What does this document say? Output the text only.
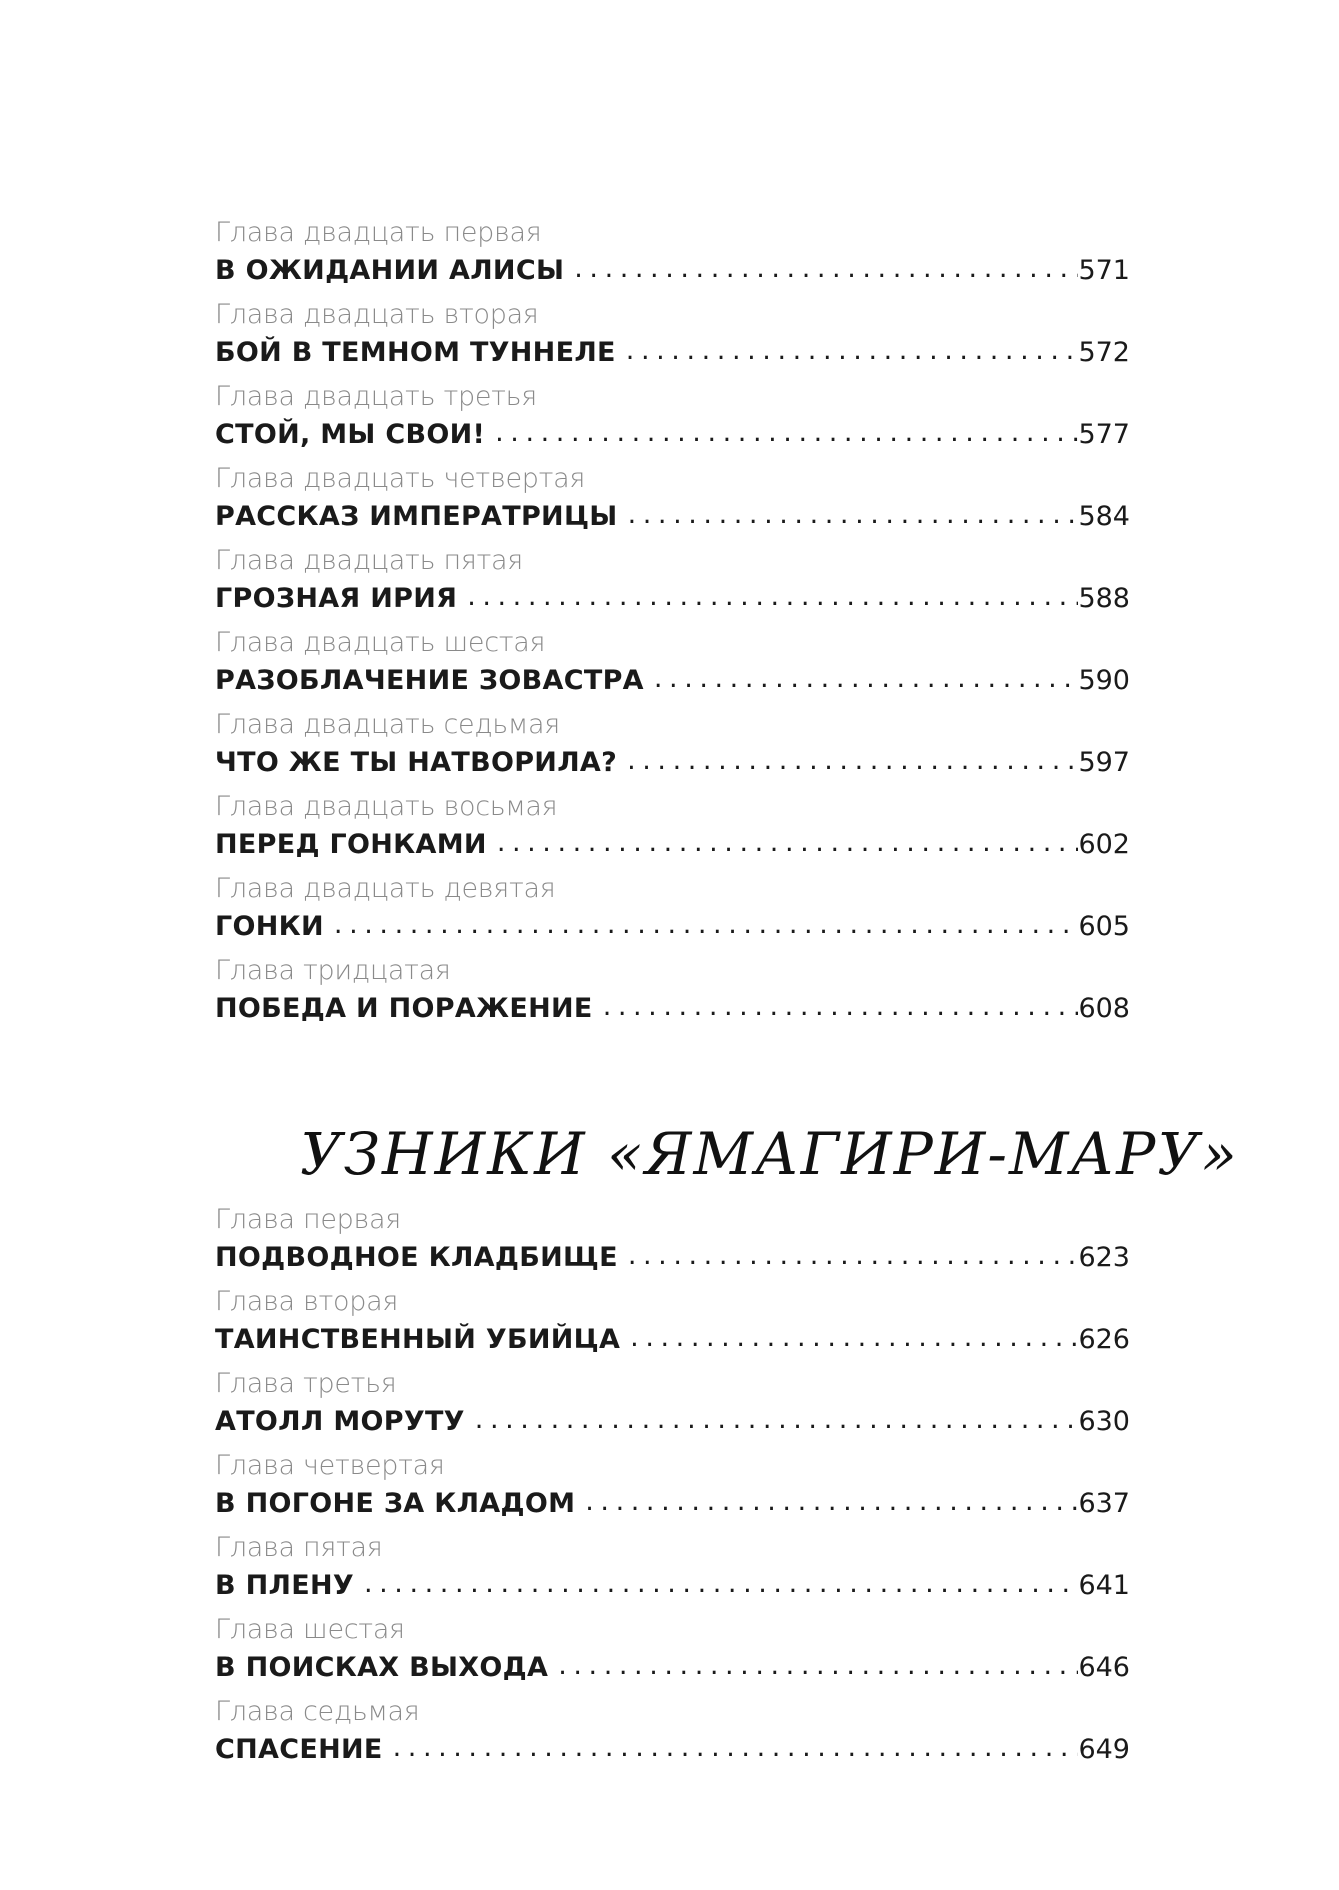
Глава двадцать первая
В ОЖИДАНИИ АЛИСЫ . . .	571
Глава двадцать вторая
БОЙ В ТЕМНОМ ТУННЕЛЕ . . .	572
Глава двадцать третья
СТОЙ, МЫ СВОИ! . . .	577
Глава двадцать четвертая
РАССКАЗ ИМПЕРАТРИЦЫ . . .	584
Глава двадцать пятая
ГРОЗНАЯ ИРИЯ . . .	588
Глава двадцать шестая
РАЗОБЛАЧЕНИЕ ЗОВАСТРА . . .	590
Глава двадцать седьмая
ЧТО ЖЕ ТЫ НАТВОРИЛА? . . .	597
Глава двадцать восьмая
ПЕРЕД ГОНКАМИ . . .	602
Глава двадцать девятая
ГОНКИ . . .	605
Глава тридцатая
ПОБЕДА И ПОРАЖЕНИЕ . . .	608
УЗНИКИ «ЯМАГИРИ-МАРУ»
Глава первая
ПОДВОДНОЕ КЛАДБИЩЕ . . .	623
Глава вторая
ТАИНСТВЕННЫЙ УБИЙЦА . . .	626
Глава третья
АТОЛЛ МОРУТУ . . .	630
Глава четвертая
В ПОГОНЕ ЗА КЛАДОМ . . .	637
Глава пятая
В ПЛЕНУ . . .	641
Глава шестая
В ПОИСКАХ ВЫХОДА . . .	646
Глава седьмая
СПАСЕНИЕ . . .	649
